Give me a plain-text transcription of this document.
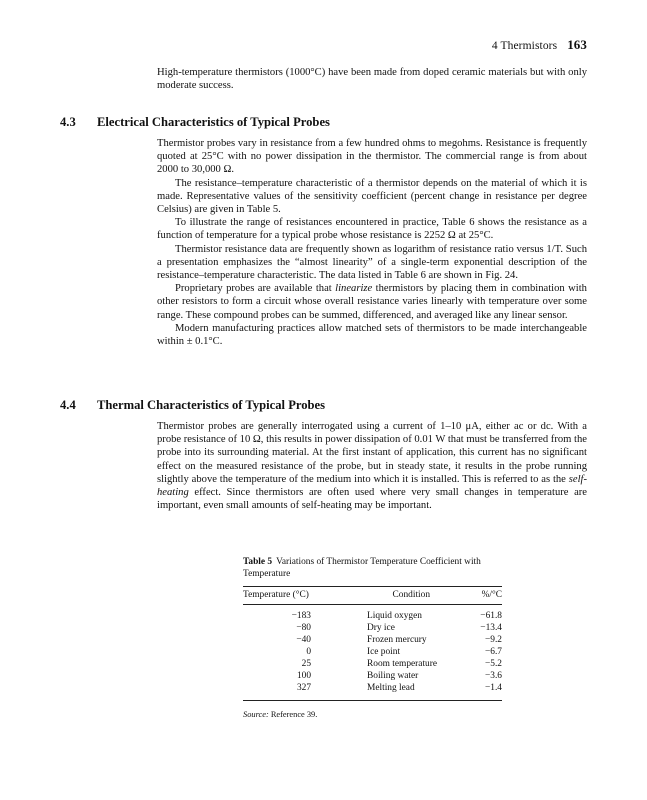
4 Thermistors 163

High-temperature thermistors (1000°C) have been made from doped ceramic materials but with only moderate success.

4.3 Electrical Characteristics of Typical Probes

Thermistor probes vary in resistance from a few hundred ohms to megohms. Resistance is frequently quoted at 25°C with no power dissipation in the thermistor. The commercial range is from about 2000 to 30,000 Ω.

The resistance–temperature characteristic of a thermistor depends on the material of which it is made. Representative values of the sensitivity coefficient (percent change in resistance per degree Celsius) are given in Table 5.

To illustrate the range of resistances encountered in practice, Table 6 shows the resistance as a function of temperature for a typical probe whose resistance is 2252 Ω at 25°C.

Thermistor resistance data are frequently shown as logarithm of resistance ratio versus 1/T. Such a presentation emphasizes the “almost linearity” of a single-term exponential description of the resistance–temperature characteristic. The data listed in Table 6 are shown in Fig. 24.

Proprietary probes are available that linearize thermistors by placing them in combination with other resistors to form a circuit whose overall resistance varies linearly with temperature over some range. These compound probes can be summed, differenced, and averaged like any linear sensor.

Modern manufacturing practices allow matched sets of thermistors to be made interchangeable within ± 0.1°C.

4.4 Thermal Characteristics of Typical Probes

Thermistor probes are generally interrogated using a current of 1–10 μA, either ac or dc. With a probe resistance of 10 Ω, this results in power dissipation of 0.01 W that must be transferred from the probe into its surrounding material. At the first instant of application, this current has no significant effect on the measured resistance of the probe, but in steady state, it results in the probe running slightly above the temperature of the medium into which it is installed. This is referred to as the self-heating effect. Since thermistors are often used where very small changes in temperature are important, even small amounts of self-heating may be important.

Table 5 Variations of Thermistor Temperature Coefficient with Temperature
Temperature (°C)	Condition	%/°C
−183	Liquid oxygen	−61.8
−80	Dry ice	−13.4
−40	Frozen mercury	−9.2
0	Ice point	−6.7
25	Room temperature	−5.2
100	Boiling water	−3.6
327	Melting lead	−1.4
Source: Reference 39.
